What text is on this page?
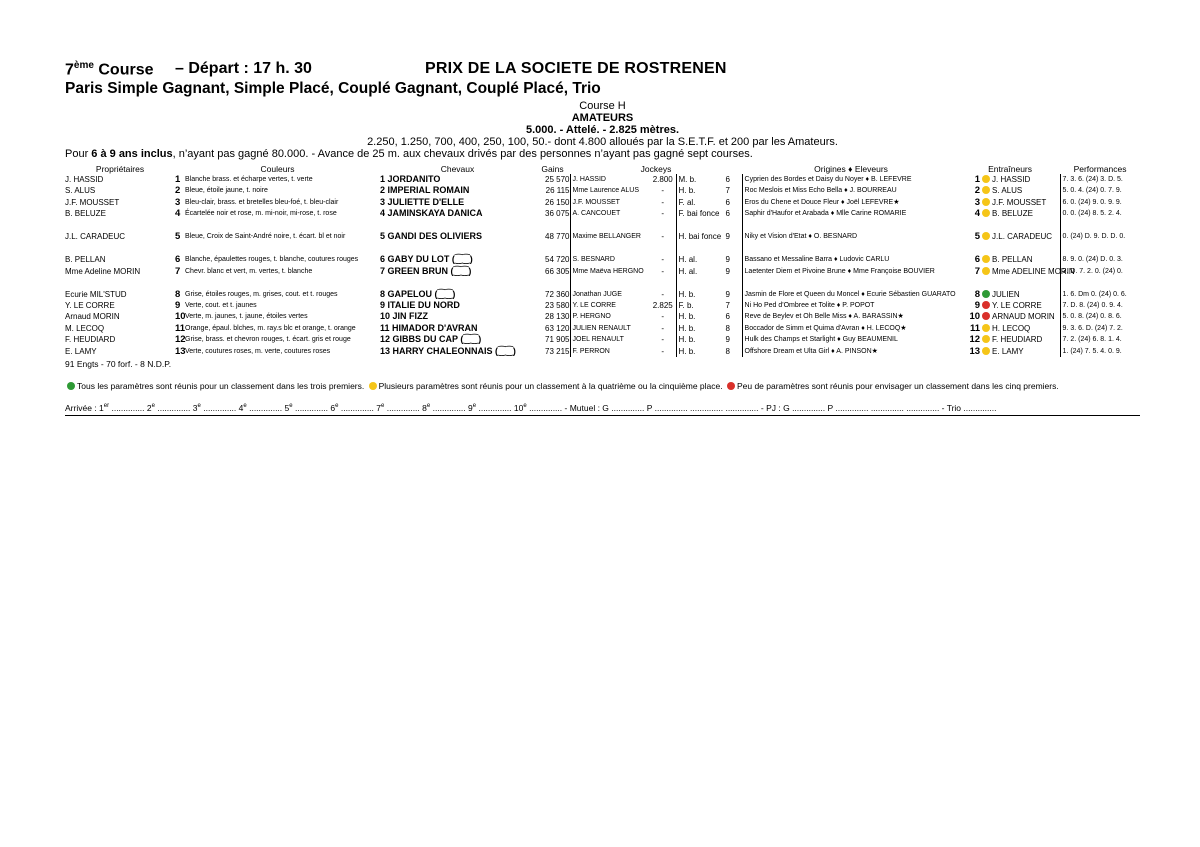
7ème Course – Départ : 17 h. 30	PRIX DE LA SOCIETE DE ROSTRENEN
Paris Simple Gagnant, Simple Placé, Couplé Gagnant, Couplé Placé, Trio
Course H
AMATEURS
5.000. - Attelé. - 2.825 mètres.
2.250, 1.250, 700, 400, 250, 100, 50.- dont 4.800 alloués par la S.E.T.F. et 200 par les Amateurs.
Pour 6 à 9 ans inclus, n’ayant pas gagné 80.000. - Avance de 25 m. aux chevaux drivés par des personnes n’ayant pas gagné sept courses.
Propriétaires	Couleurs		Chevaux	Gains	Jockeys				Origines ♦ Eleveurs	Entraîneurs		Performances
J. HASSID	1	Blanche brass. et écharpe vertes, t. verte	1 JORDANITO	25 570	J. HASSID	2.800	M. b.	6	Cyprien des Bordes et Daisy du Noyer ♦ B. LEFEVRE	1	J. HASSID	7. 3. 6. (24) 3. D. 5.
S. ALUS	2	Bleue, étoile jaune, t. noire	2 IMPERIAL ROMAIN	26 115	Mme Laurence ALUS	-	H. b.	7	Roc Meslois et Miss Echo Bella ♦ J. BOURREAU	2	S. ALUS	5. 0. 4. (24) 0. 7. 9.
J.F. MOUSSET	3	Bleu-clair, brass. et bretelles bleu-foé, t. bleu-clair	3 JULIETTE D'ELLE	26 150	J.F. MOUSSET	-	F. al.	6	Eros du Chene et Douce Fleur ♦ Joël LEFEVRE★	3	J.F. MOUSSET	6. 0. (24) 9. 0. 9. 9.
B. BELUZE	4	Écartelée noir et rose, m. mi-noir, mi-rose, t. rose	4 JAMINSKAYA DANICA	36 075	A. CANCOUET	-	F. bai fonce	6	Saphir d'Haufor et Arabada ♦ Mlle Carine ROMARIE	4	B. BELUZE	0. 0. (24) 8. 5. 2. 4.
J.L. CARADEUC	5	Bleue, Croix de Saint-André noire, t. écart. bl et noir	5 GANDI DES OLIVIERS	48 770	Maxime BELLANGER	-	H. bai fonce	9	Niky et Vision d'Etat ♦ O. BESNARD	5	J.L. CARADEUC	0. (24) D. 9. D. D. 0.
B. PELLAN	6	Blanche, épaulettes rouges, t. blanche, coutures rouges	6 GABY DU LOT (⁐⁐)	54 720	S. BESNARD	-	H. al.	9	Bassano et Messaline Barra ♦ Ludovic CARLU	6	B. PELLAN	8. 9. 0. (24) D. 0. 3.
Mme Adeline MORIN	7	Chevr. blanc et vert, m. vertes, t. blanche	7 GREEN BRUN (⁐⁐)	66 305	Mme Maëva HERGNO	-	H. al.	9	Laetenter Diem et Pivoine Brune ♦ Mme Françoise BOUVIER	7	Mme ADELINE MORIN	3. D. 7. 2. 0. (24) 0.
Ecurie MIL'STUD	8	Grise, étoiles rouges, m. grises, cout. et t. rouges	8 GAPELOU (⁐⁐)	72 360	Jonathan JUGE	-	H. b.	9	Jasmin de Flore et Queen du Moncel ♦ Ecurie Sébastien GUARATO	8	JULIEN	1. 6. Dm 0. (24) 0. 6.
Y. LE CORRE	9	Verte, cout. et t. jaunes	9 ITALIE DU NORD	23 580	Y. LE CORRE	2.825	F. b.	7	Ni Ho Ped d'Ombree et Tolite ♦ P. POPOT	9	Y. LE CORRE	7. D. 8. (24) 0. 9. 4.
Arnaud MORIN	10	Verte, m. jaunes, t. jaune, étoiles vertes	10 JIN FIZZ	28 130	P. HERGNO	-	H. b.	6	Reve de Beylev et Oh Belle Miss ♦ A. BARASSIN★	10	ARNAUD MORIN	5. 0. 8. (24) 0. 8. 6.
M. LECOQ	11	Orange, épaul. blches, m. ray.s blc et orange, t. orange	11 HIMADOR D'AVRAN	63 120	JULIEN RENAULT	-	H. b.	8	Boccador de Simm et Quima d'Avran ♦ H. LECOQ★	11	H. LECOQ	9. 3. 6. D. (24) 7. 2.
F. HEUDIARD	12	Grise, brass. et chevron rouges, t. écart. gris et rouge	12 GIBBS DU CAP (⁐⁐)	71 905	JOEL RENAULT	-	H. b.	9	Hulk des Champs et Starlight ♦ Guy BEAUMENIL	12	F. HEUDIARD	7. 2. (24) 6. 8. 1. 4.
E. LAMY	13	Verte, coutures roses, m. verte, coutures roses	13 HARRY CHALEONNAIS (⁐⁐)	73 215	F. PERRON	-	H. b.	8	Offshore Dream et Ulta Girl ♦ A. PINSON★	13	E. LAMY	1. (24) 7. 5. 4. 0. 9.
91 Engts - 70 forf. - 8 N.D.P.
Tous les paramètres sont réunis pour un classement dans les trois premiers. Plusieurs paramètres sont réunis pour un classement à la quatrième ou la cinquième place. Peu de paramètres sont réunis pour envisager un classement dans les cinq premiers.
Arrivée : 1er .............. 2e .............. 3e .............. 4e .............. 5e .............. 6e .............. 7e .............. 8e .............. 9e .............. 10e .............. - Mutuel : G .............. P .............. .............. .............. - PJ : G .............. P .............. .............. .............. - Trio ..............
